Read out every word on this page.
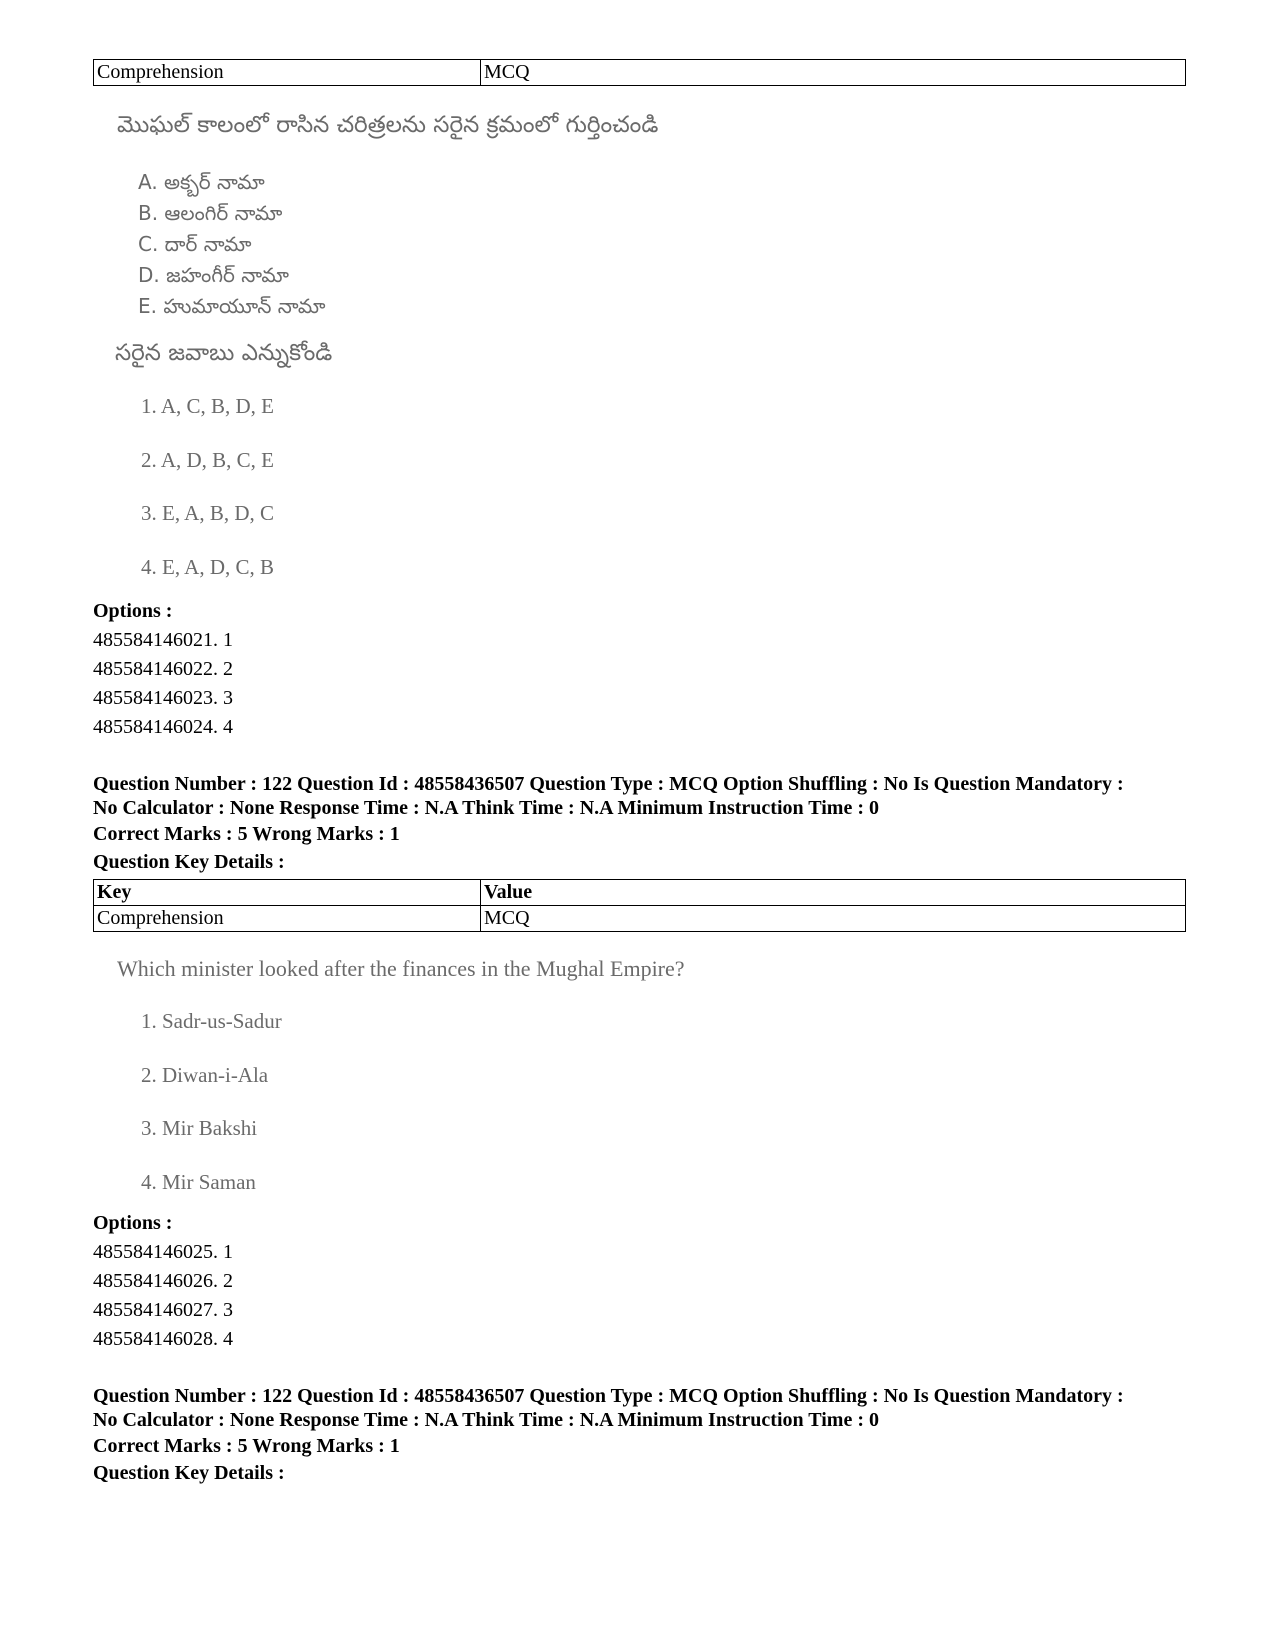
Comprehension	MCQ
మొఘల్ కాలంలో రాసిన చరిత్రలను సరైన క్రమంలో గుర్తించండి
A. అక్బర్ నామా
B. ఆలంగిర్ నామా
C. దార్ నామా
D. జహంగీర్ నామా
E. హుమాయూన్ నామా
సరైన జవాబు ఎన్నుకోండి
1. A, C, B, D, E
2. A, D, B, C, E
3. E, A, B, D, C
4. E, A, D, C, B
Options :
485584146021. 1
485584146022. 2
485584146023. 3
485584146024. 4
Question Number : 122 Question Id : 48558436507 Question Type : MCQ Option Shuffling : No Is Question Mandatory :
No Calculator : None Response Time : N.A Think Time : N.A Minimum Instruction Time : 0
Correct Marks : 5 Wrong Marks : 1
Question Key Details :
Key	Value
Comprehension	MCQ
Which minister looked after the finances in the Mughal Empire?
1. Sadr-us-Sadur
2. Diwan-i-Ala
3. Mir Bakshi
4. Mir Saman
Options :
485584146025. 1
485584146026. 2
485584146027. 3
485584146028. 4
Question Number : 122 Question Id : 48558436507 Question Type : MCQ Option Shuffling : No Is Question Mandatory :
No Calculator : None Response Time : N.A Think Time : N.A Minimum Instruction Time : 0
Correct Marks : 5 Wrong Marks : 1
Question Key Details :
